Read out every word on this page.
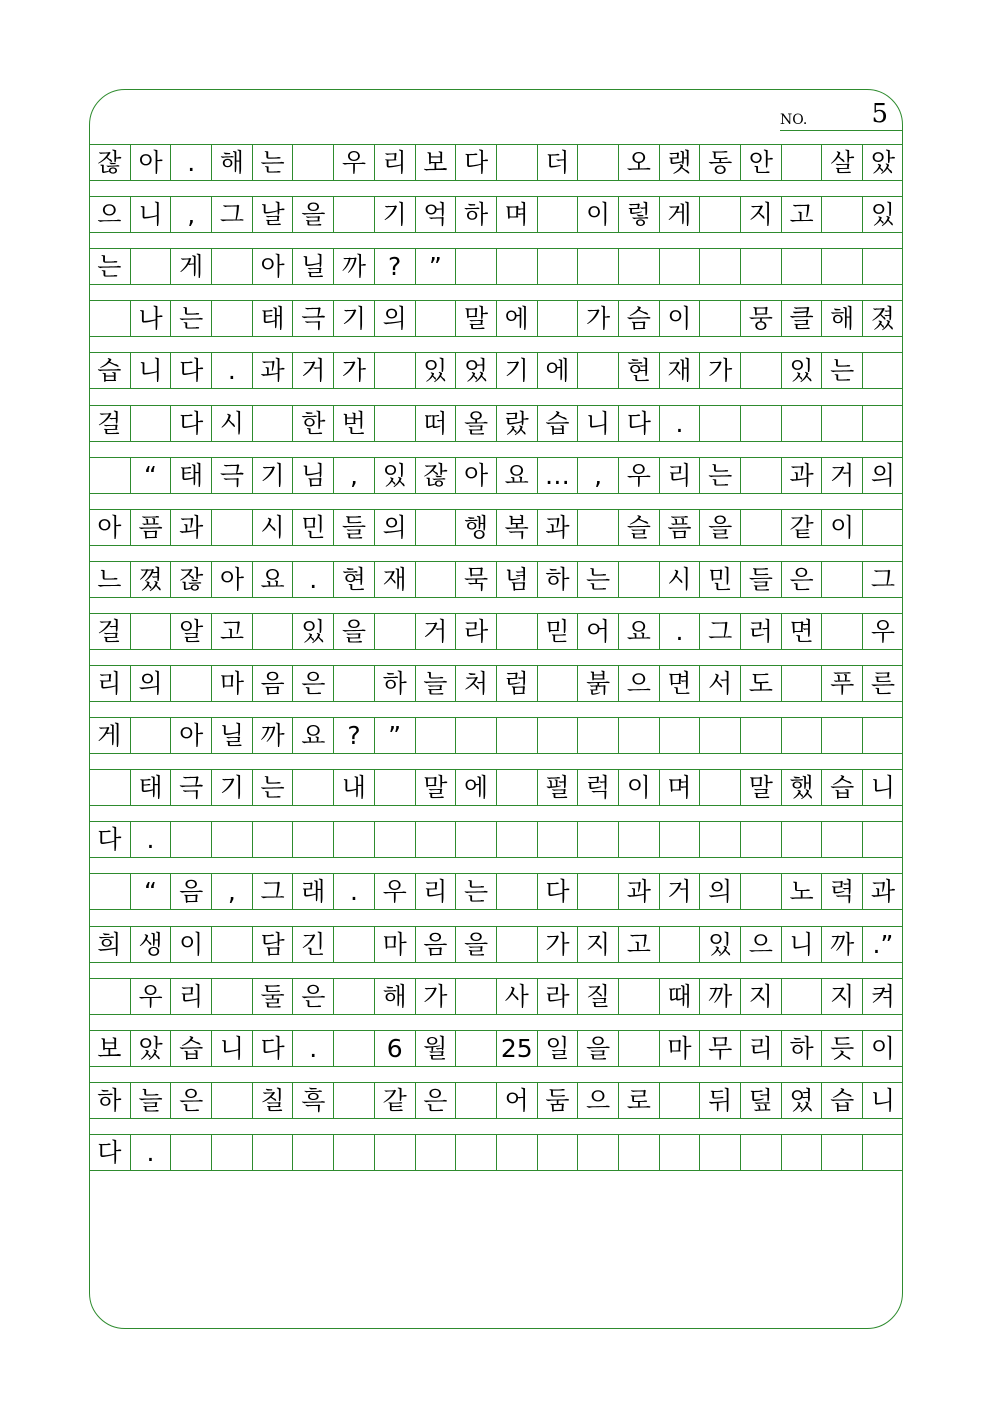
NO. 5
잖 아 . 해 는	우 리 보 다	더	오 랫 동 안	살 았
으 니 , 그 날 을	기 억 하 며	이 렇 게	지 고	있
는	게	아 닐 까 ?	”
나 는	태 극 기 의	말 에	가 슴 이	뭉 클 해 졌
습 니 다 . 과 거 가	있 었 기 에	현 재 가	있 는
걸	다 시	한 번	떠 올 랐 습 니 다 .
“ 태 극 기 님 , 있 잖 아 요 … , 우 리 는	과 거 의
아 픔 과	시 민 들 의	행 복 과	슬 픔 을	같 이
느 꼈 잖 아 요 . 현 재	묵 념 하 는	시 민 들 은	그
걸	알 고	있 을	거 라	믿 어 요 . 그 러 면	우
리 의	마 음 은	하 늘 처 럼	붉 으 면 서 도	푸 른
게	아 닐 까 요 ?	”
태 극 기 는	내	말 에	펄 럭 이 며	말 했 습 니
다	.
“ 음 , 그 래 . 우 리 는	다	과 거 의	노 력 과
희 생 이	담 긴	마 음 을	가 지 고	있 으 니 까 .”
우 리	둘 은	해 가	사 라 질	때 까 지	지 켜
보 았 습 니 다 .	6 월	25 일 을	마 무 리 하 듯 이
하 늘 은	칠 흑	같 은	어 둠 으 로	뒤 덮 였 습 니
다	.
